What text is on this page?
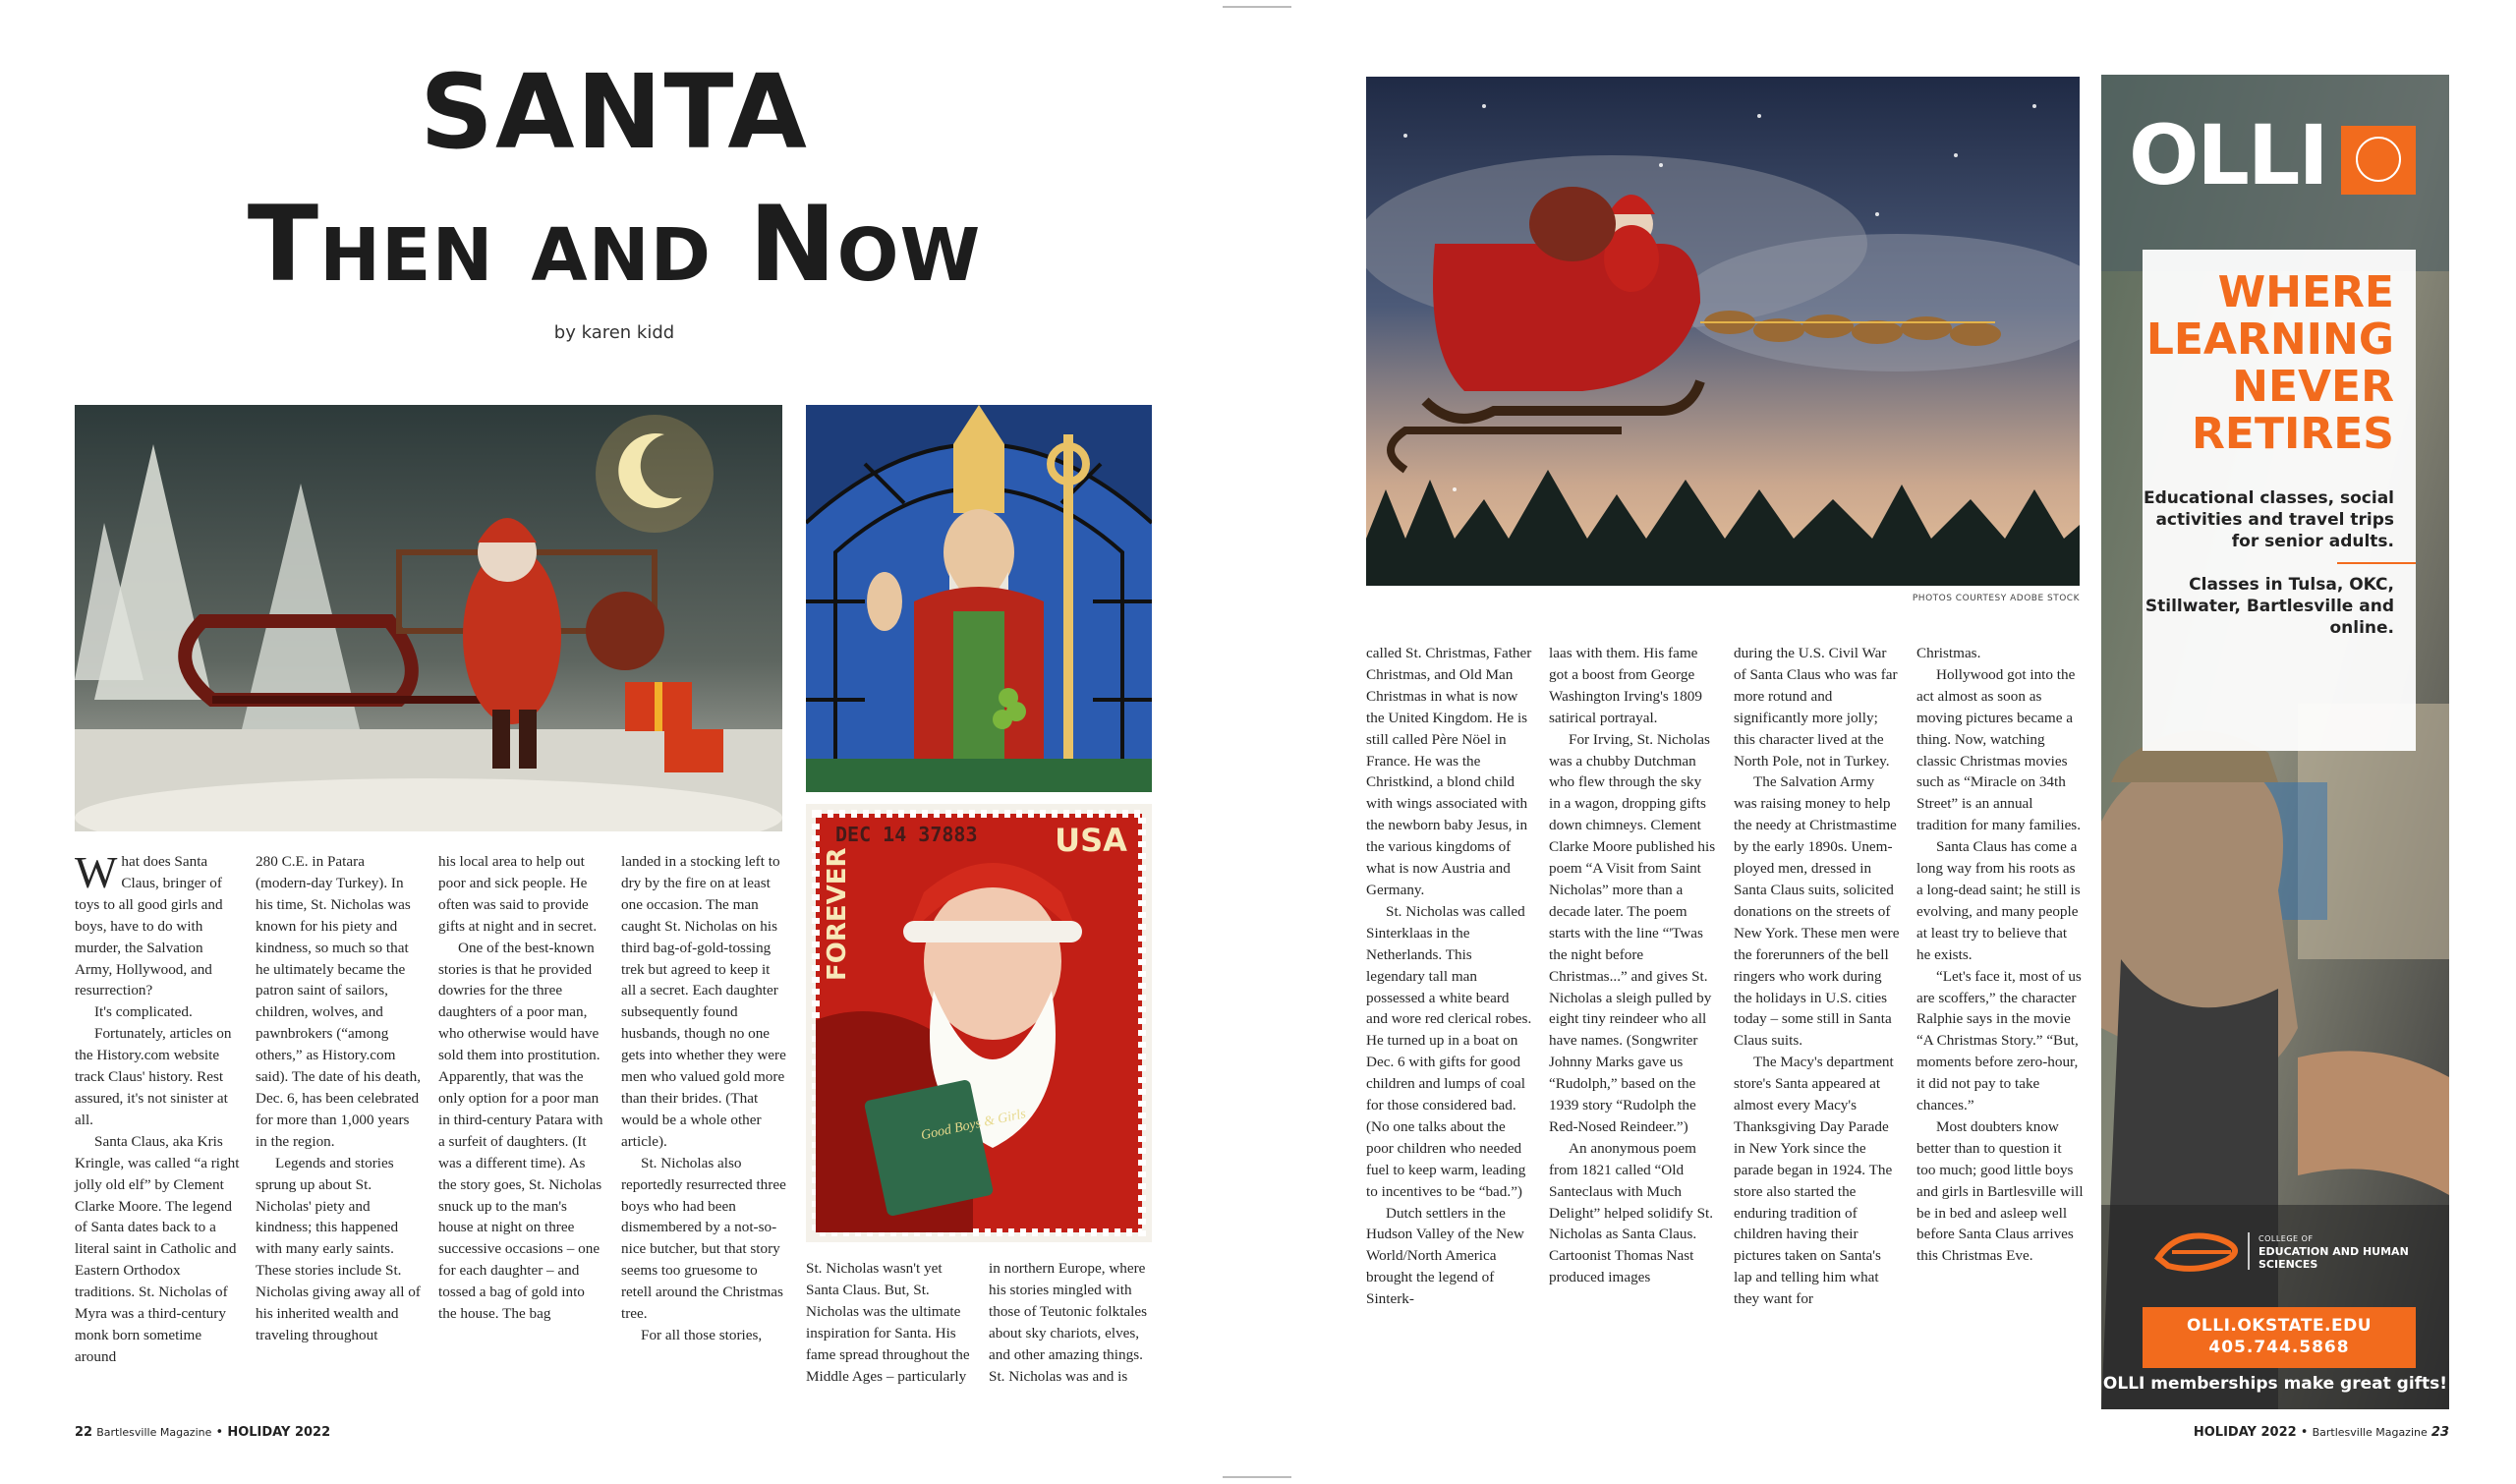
SANTA
Then and Now
by karen kidd
USA
FOREVER
DEC 14 37883
Good Boys & Girls
PHOTOS COURTESY ADOBE STOCK

What does Santa Claus, bringer of toys to all good girls and boys, have to do with murder, the Salvation Army, Hollywood, and resurrection?

It's complicated.

Fortunately, articles on the History.com website track Claus' history. Rest assured, it's not sinister at all.

Santa Claus, aka Kris Kringle, was called “a right jolly old elf” by Clement Clarke Moore. The legend of Santa dates back to a literal saint in Catholic and Eastern Orthodox traditions. St. Nicholas of Myra was a third-century monk born sometime around

280 C.E. in Patara (modern-day Turkey). In his time, St. Nicholas was known for his piety and kindness, so much so that he ultimately became the patron saint of sailors, children, wolves, and pawnbrokers (“among others,” as History.com said). The date of his death, Dec. 6, has been celebrated for more than 1,000 years in the region.

Legends and stories sprung up about St. Nicholas' piety and kindness; this happened with many early saints. These stories include St. Nicholas giving away all of his inherited wealth and traveling throughout

his local area to help out poor and sick people. He often was said to provide gifts at night and in secret.

One of the best-known stories is that he provided dowries for the three daughters of a poor man, who otherwise would have sold them into prostitution. Apparently, that was the only option for a poor man in third-century Patara with a surfeit of daughters. (It was a different time). As the story goes, St. Nicholas snuck up to the man's house at night on three successive occasions – one for each daughter – and tossed a bag of gold into the house. The bag

landed in a stocking left to dry by the fire on at least one occasion. The man caught St. Nicholas on his third bag-of-gold-tossing trek but agreed to keep it all a secret. Each daughter subsequently found husbands, though no one gets into whether they were men who valued gold more than their brides. (That would be a whole other article).

St. Nicholas also reportedly resurrected three boys who had been dismembered by a not-so-nice butcher, but that story seems too gruesome to retell around the Christmas tree.

For all those stories,

St. Nicholas wasn't yet Santa Claus. But, St. Nicholas was the ultimate inspiration for Santa. His fame spread throughout the Middle Ages – particularly

in northern Europe, where his stories mingled with those of Teutonic folktales about sky chariots, elves, and other amazing things. St. Nicholas was and is

called St. Christmas, Father Christmas, and Old Man Christmas in what is now the United Kingdom. He is still called Père Nöel in France. He was the Christkind, a blond child with wings associated with the newborn baby Jesus, in the various kingdoms of what is now Austria and Germany.

St. Nicholas was called Sinterklaas in the Netherlands. This legendary tall man possessed a white beard and wore red clerical robes. He turned up in a boat on Dec. 6 with gifts for good children and lumps of coal for those considered bad. (No one talks about the poor children who needed fuel to keep warm, leading to incentives to be “bad.”)

Dutch settlers in the Hudson Valley of the New World/North America brought the legend of Sinterk-

laas with them. His fame got a boost from George Washington Irving's 1809 satirical portrayal.

For Irving, St. Nicholas was a chubby Dutchman who flew through the sky in a wagon, dropping gifts down chimneys. Clement Clarke Moore published his poem “A Visit from Saint Nicholas” more than a decade later. The poem starts with the line “'Twas the night before Christmas...” and gives St. Nicholas a sleigh pulled by eight tiny reindeer who all have names. (Songwriter Johnny Marks gave us “Rudolph,” based on the 1939 story “Rudolph the Red-Nosed Reindeer.”)

An anonymous poem from 1821 called “Old Santeclaus with Much Delight” helped solidify St. Nicholas as Santa Claus. Cartoonist Thomas Nast produced images

during the U.S. Civil War of Santa Claus who was far more rotund and significantly more jolly; this character lived at the North Pole, not in Turkey.

The Salvation Army was raising money to help the needy at Christmastime by the early 1890s. Unemployed men, dressed in Santa Claus suits, solicited donations on the streets of New York. These men were the forerunners of the bell ringers who work during the holidays in U.S. cities today – some still in Santa Claus suits.

The Macy's department store's Santa appeared at almost every Macy's Thanksgiving Day Parade in New York since the parade began in 1924. The store also started the enduring tradition of children having their pictures taken on Santa's lap and telling him what they want for

Christmas.

Hollywood got into the act almost as soon as moving pictures became a thing. Now, watching classic Christmas movies such as “Miracle on 34th Street” is an annual tradition for many families.

Santa Claus has come a long way from his roots as a long-dead saint; he still is evolving, and many people at least try to believe that he exists.

“Let's face it, most of us are scoffers,” the character Ralphie says in the movie “A Christmas Story.” “But, moments before zero-hour, it did not pay to take chances.”

Most doubters know better than to question it too much; good little boys and girls in Bartlesville will be in bed and asleep well before Santa Claus arrives this Christmas Eve.

OLLI
WHERE LEARNING NEVER RETIRES
Educational classes, social activities and travel trips for senior adults.
Classes in Tulsa, OKC, Stillwater, Bartlesville and online.
COLLEGE OF
EDUCATION AND HUMAN SCIENCES
OLLI.OKSTATE.EDU
405.744.5868
OLLI memberships make great gifts!
22 Bartlesville Magazine • HOLIDAY 2022	HOLIDAY 2022 • Bartlesville Magazine 23
